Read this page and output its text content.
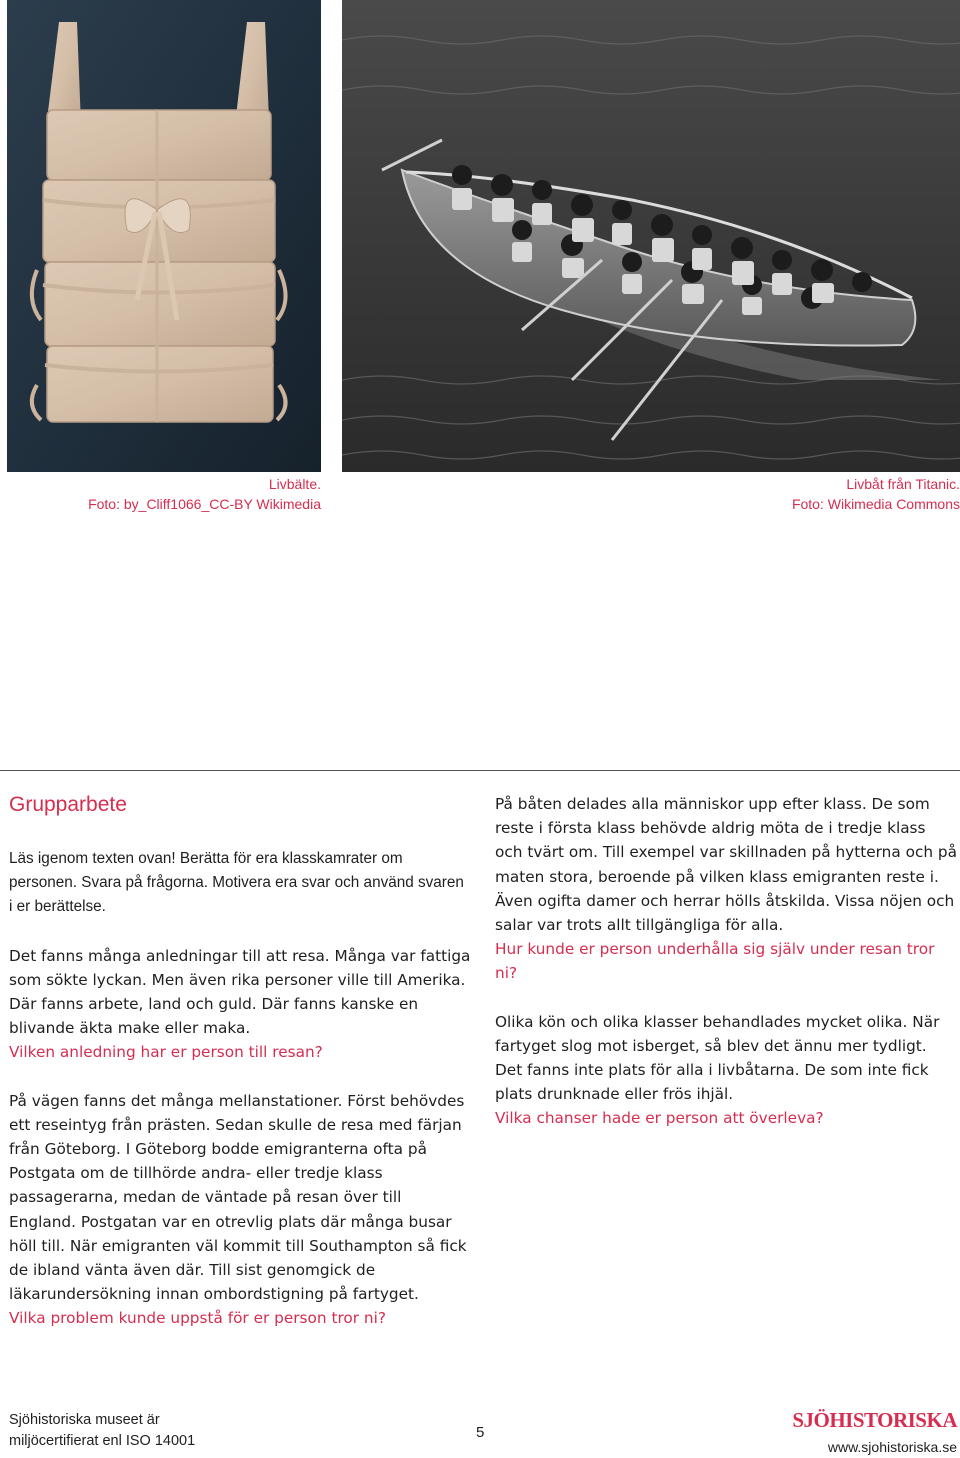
Livbälte.
Foto: by_Cliff1066_CC-BY Wikimedia
Livbåt från Titanic.
Foto: Wikimedia Commons
Grupparbete

Läs igenom texten ovan! Berätta för era klasskamrater om personen. Svara på frågorna. Motivera era svar och använd svaren i er berättelse.

Det fanns många anledningar till att resa. Många var fattiga som sökte lyckan. Men även rika personer ville till Amerika. Där fanns arbete, land och guld. Där fanns kanske en blivande äkta make eller maka.

Vilken anledning har er person till resan?

På vägen fanns det många mellanstationer. Först behövdes ett reseintyg från prästen. Sedan skulle de resa med färjan från Göteborg. I Göteborg bodde emigranterna ofta på Postgata om de tillhörde andra- eller tredje klass passagerarna, medan de väntade på resan över till England. Postgatan var en otrevlig plats där många busar höll till. När emigranten väl kommit till Southampton så fick de ibland vänta även där. Till sist genomgick de läkarundersökning innan ombordstigning på fartyget.

Vilka problem kunde uppstå för er person tror ni?

På båten delades alla människor upp efter klass. De som reste i första klass behövde aldrig möta de i tredje klass och tvärt om. Till exempel var skillnaden på hytterna och på maten stora, beroende på vilken klass emigranten reste i. Även ogifta damer och herrar hölls åtskilda. Vissa nöjen och salar var trots allt tillgängliga för alla.

Hur kunde er person underhålla sig själv under resan tror ni?

Olika kön och olika klasser behandlades mycket olika. När fartyget slog mot isberget, så blev det ännu mer tydligt. Det fanns inte plats för alla i livbåtarna. De som inte fick plats drunknade eller frös ihjäl.

Vilka chanser hade er person att överleva?

Sjöhistoriska museet är
miljöcertifierat enl ISO 14001	5
SJÖHISTORISKA
www.sjohistoriska.se
